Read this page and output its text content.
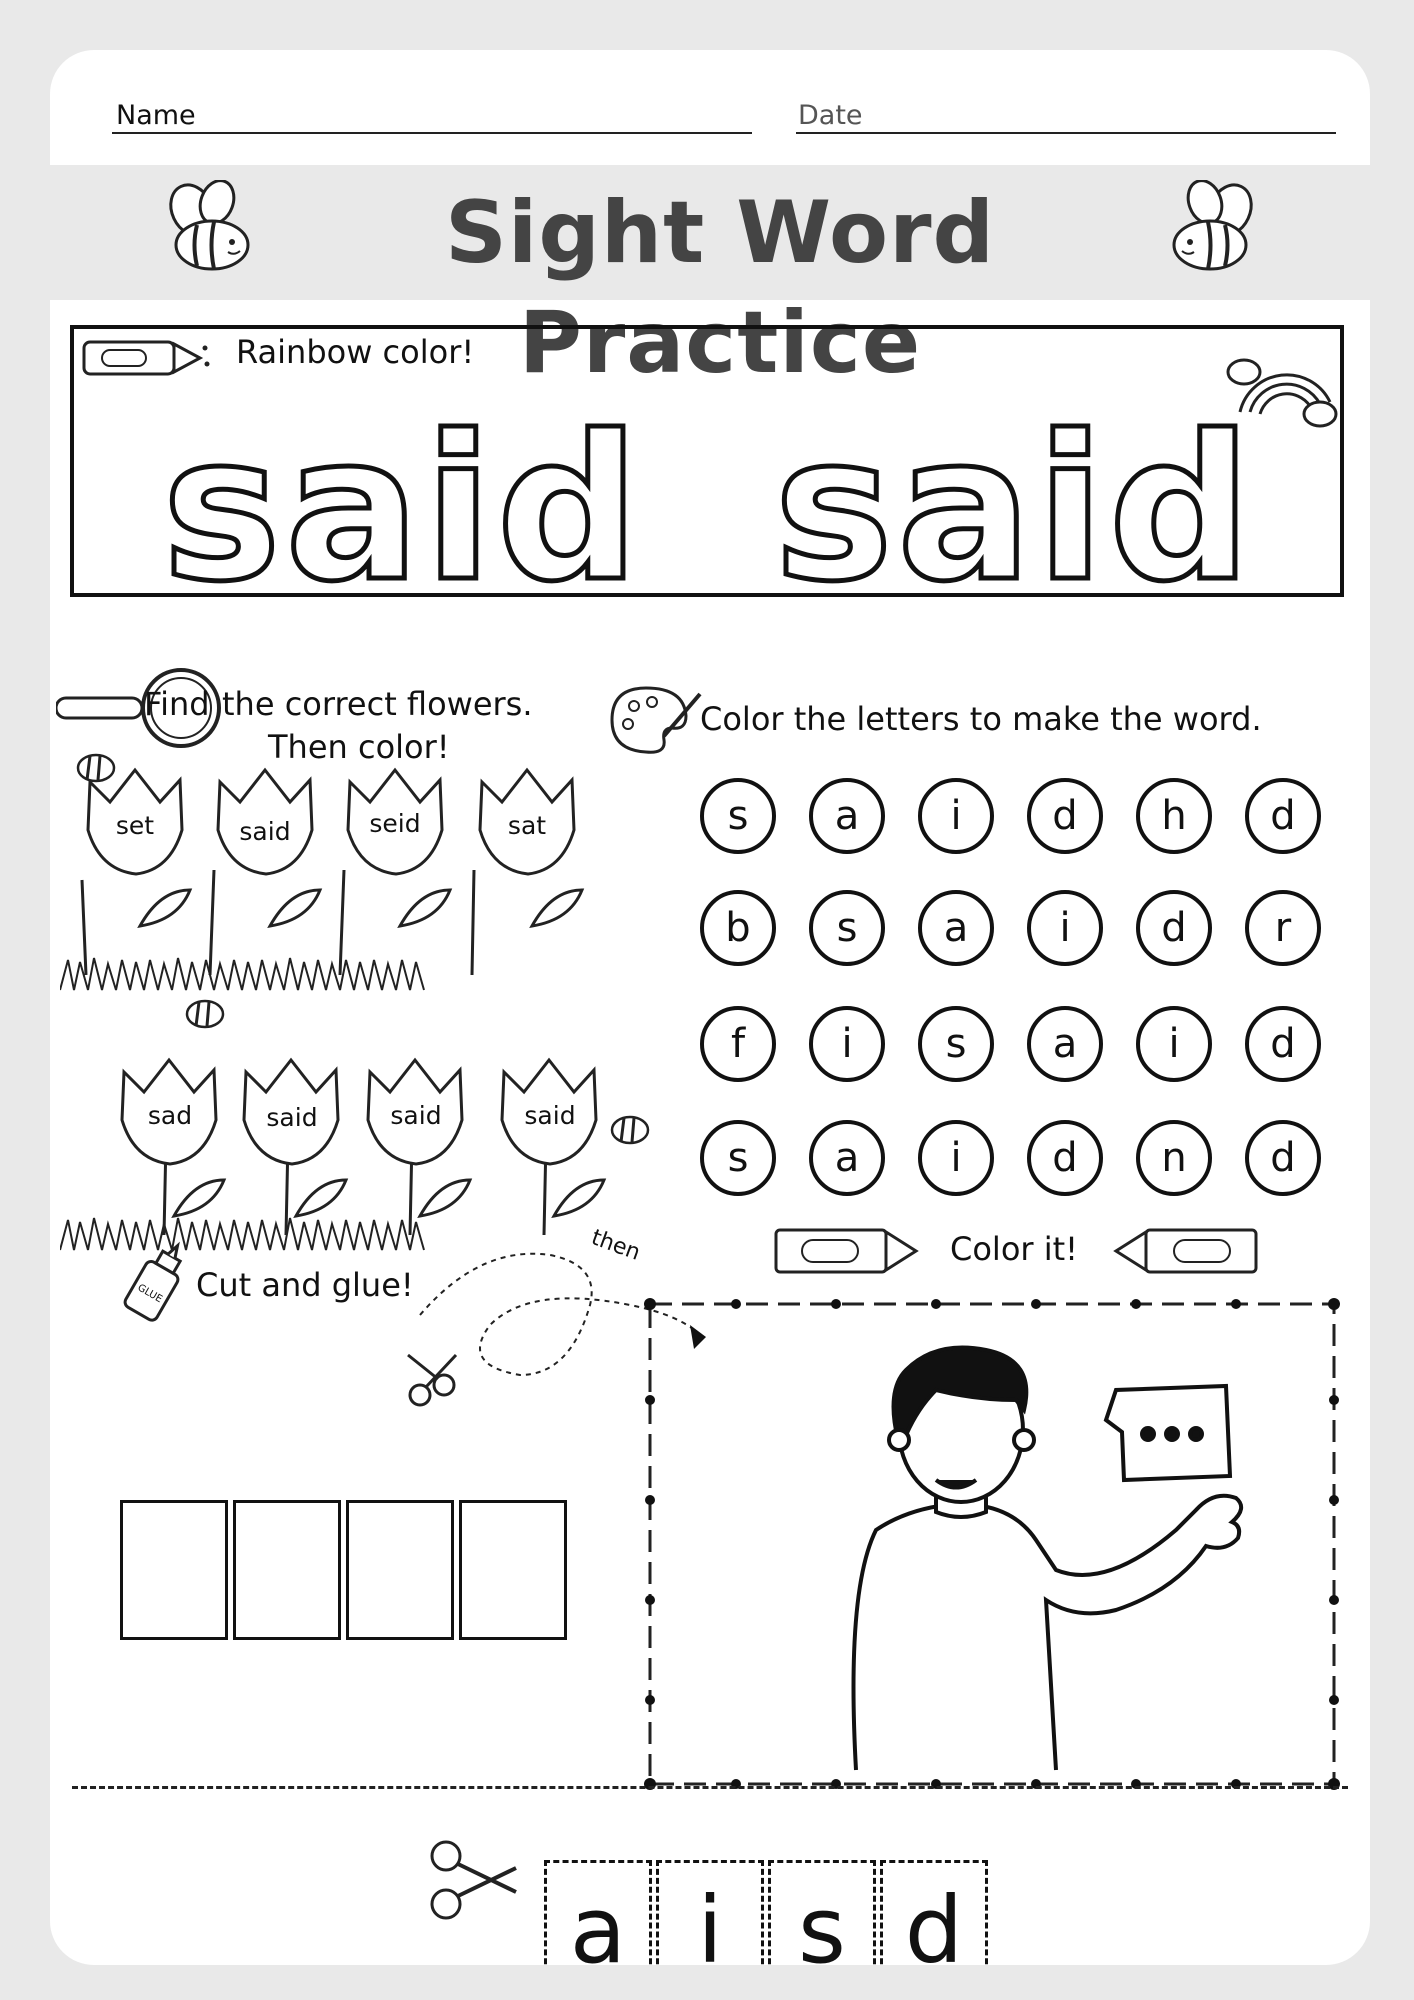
Name	Date
Sight Word Practice
Rainbow color!
said said
Find the correct flowers.
Then color!
set	said	seid	sat
sad	said	said	said
Color the letters to make the word.
s	a	i	d	h	d
b	s	a	i	d	r
f	i	s	a	i	d
s	a	i	d	n	d
GLUE Cut and glue!
then	Color it!
a i s d
